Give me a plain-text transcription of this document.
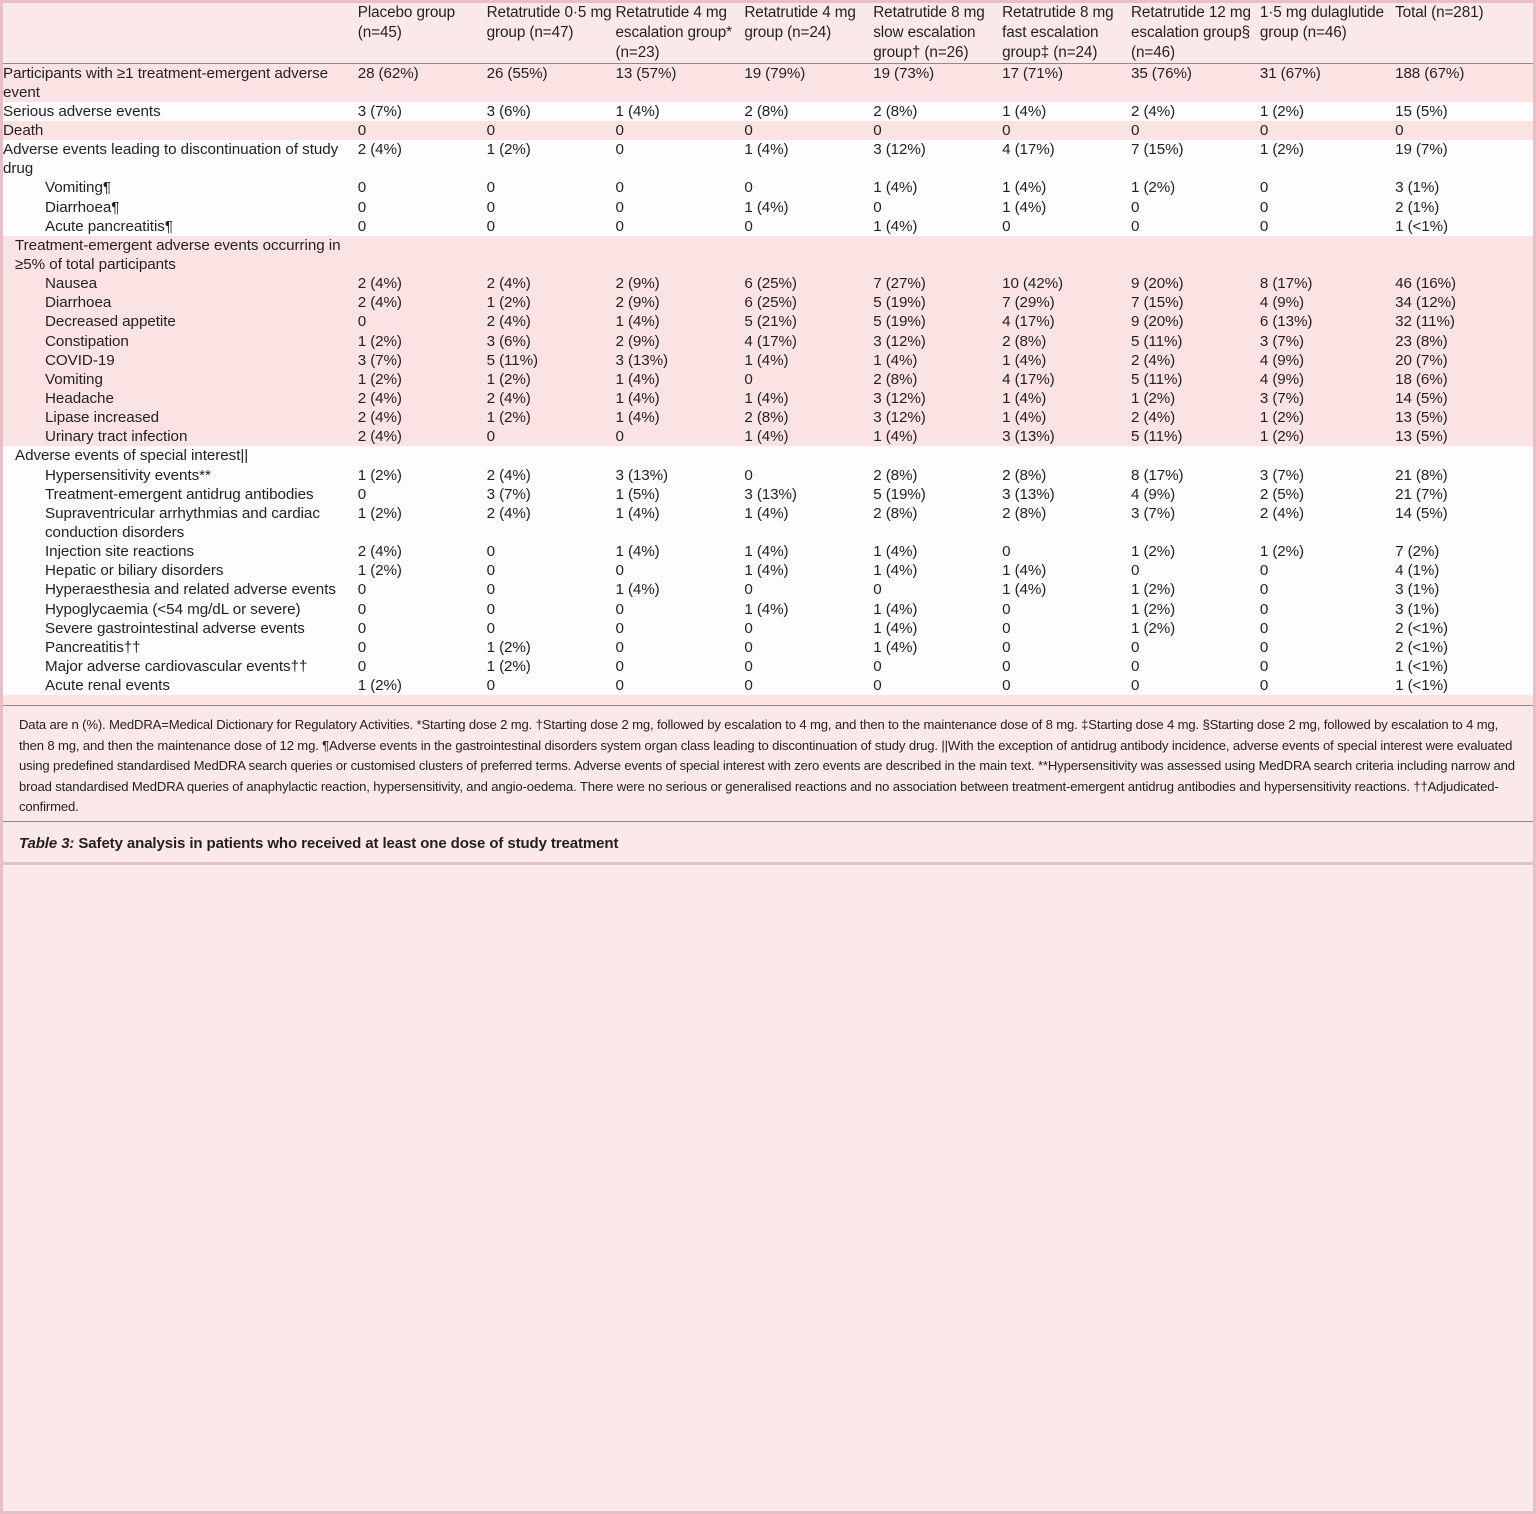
	Placebo group (n=45)	Retatrutide 0·5 mg group (n=47)	Retatrutide 4 mg escalation group* (n=23)	Retatrutide 4 mg group (n=24)	Retatrutide 8 mg slow escalation group† (n=26)	Retatrutide 8 mg fast escalation group‡ (n=24)	Retatrutide 12 mg escalation group§ (n=46)	1·5 mg dulaglutide group (n=46)	Total (n=281)

Participants with ≥1 treatment-emergent adverse event	28 (62%)	26 (55%)	13 (57%)	19 (79%)	19 (73%)	17 (71%)	35 (76%)	31 (67%)	188 (67%)
Serious adverse events	3 (7%)	3 (6%)	1 (4%)	2 (8%)	2 (8%)	1 (4%)	2 (4%)	1 (2%)	15 (5%)
Death	0	0	0	0	0	0	0	0	0
Adverse events leading to discontinuation of study drug	2 (4%)	1 (2%)	0	1 (4%)	3 (12%)	4 (17%)	7 (15%)	1 (2%)	19 (7%)
Vomiting¶	0	0	0	0	1 (4%)	1 (4%)	1 (2%)	0	3 (1%)
Diarrhoea¶	0	0	0	1 (4%)	0	1 (4%)	0	0	2 (1%)
Acute pancreatitis¶	0	0	0	0	1 (4%)	0	0	0	1 (<1%)
Treatment-emergent adverse events occurring in ≥5% of total participants									
Nausea	2 (4%)	2 (4%)	2 (9%)	6 (25%)	7 (27%)	10 (42%)	9 (20%)	8 (17%)	46 (16%)
Diarrhoea	2 (4%)	1 (2%)	2 (9%)	6 (25%)	5 (19%)	7 (29%)	7 (15%)	4 (9%)	34 (12%)
Decreased appetite	0	2 (4%)	1 (4%)	5 (21%)	5 (19%)	4 (17%)	9 (20%)	6 (13%)	32 (11%)
Constipation	1 (2%)	3 (6%)	2 (9%)	4 (17%)	3 (12%)	2 (8%)	5 (11%)	3 (7%)	23 (8%)
COVID-19	3 (7%)	5 (11%)	3 (13%)	1 (4%)	1 (4%)	1 (4%)	2 (4%)	4 (9%)	20 (7%)
Vomiting	1 (2%)	1 (2%)	1 (4%)	0	2 (8%)	4 (17%)	5 (11%)	4 (9%)	18 (6%)
Headache	2 (4%)	2 (4%)	1 (4%)	1 (4%)	3 (12%)	1 (4%)	1 (2%)	3 (7%)	14 (5%)
Lipase increased	2 (4%)	1 (2%)	1 (4%)	2 (8%)	3 (12%)	1 (4%)	2 (4%)	1 (2%)	13 (5%)
Urinary tract infection	2 (4%)	0	0	1 (4%)	1 (4%)	3 (13%)	5 (11%)	1 (2%)	13 (5%)
Adverse events of special interest||									
Hypersensitivity events**	1 (2%)	2 (4%)	3 (13%)	0	2 (8%)	2 (8%)	8 (17%)	3 (7%)	21 (8%)
Treatment-emergent antidrug antibodies	0	3 (7%)	1 (5%)	3 (13%)	5 (19%)	3 (13%)	4 (9%)	2 (5%)	21 (7%)
Supraventricular arrhythmias and cardiac conduction disorders	1 (2%)	2 (4%)	1 (4%)	1 (4%)	2 (8%)	2 (8%)	3 (7%)	2 (4%)	14 (5%)
Injection site reactions	2 (4%)	0	1 (4%)	1 (4%)	1 (4%)	0	1 (2%)	1 (2%)	7 (2%)
Hepatic or biliary disorders	1 (2%)	0	0	1 (4%)	1 (4%)	1 (4%)	0	0	4 (1%)
Hyperaesthesia and related adverse events	0	0	1 (4%)	0	0	1 (4%)	1 (2%)	0	3 (1%)
Hypoglycaemia (<54 mg/dL or severe)	0	0	0	1 (4%)	1 (4%)	0	1 (2%)	0	3 (1%)
Severe gastrointestinal adverse events	0	0	0	0	1 (4%)	0	1 (2%)	0	2 (<1%)
Pancreatitis††	0	1 (2%)	0	0	1 (4%)	0	0	0	2 (<1%)
Major adverse cardiovascular events††	0	1 (2%)	0	0	0	0	0	0	1 (<1%)
Acute renal events	1 (2%)	0	0	0	0	0	0	0	1 (<1%)
Data are n (%). MedDRA=Medical Dictionary for Regulatory Activities. *Starting dose 2 mg. †Starting dose 2 mg, followed by escalation to 4 mg, and then to the maintenance dose of 8 mg. ‡Starting dose 4 mg. §Starting dose 2 mg, followed by escalation to 4 mg, then 8 mg, and then the maintenance dose of 12 mg. ¶Adverse events in the gastrointestinal disorders system organ class leading to discontinuation of study drug. ||With the exception of antidrug antibody incidence, adverse events of special interest were evaluated using predefined standardised MedDRA search queries or customised clusters of preferred terms. Adverse events of special interest with zero events are described in the main text. **Hypersensitivity was assessed using MedDRA search criteria including narrow and broad standardised MedDRA queries of anaphylactic reaction, hypersensitivity, and angio-oedema. There were no serious or generalised reactions and no association between treatment-emergent antidrug antibodies and hypersensitivity reactions. ††Adjudicated-confirmed.
Table 3: Safety analysis in patients who received at least one dose of study treatment
